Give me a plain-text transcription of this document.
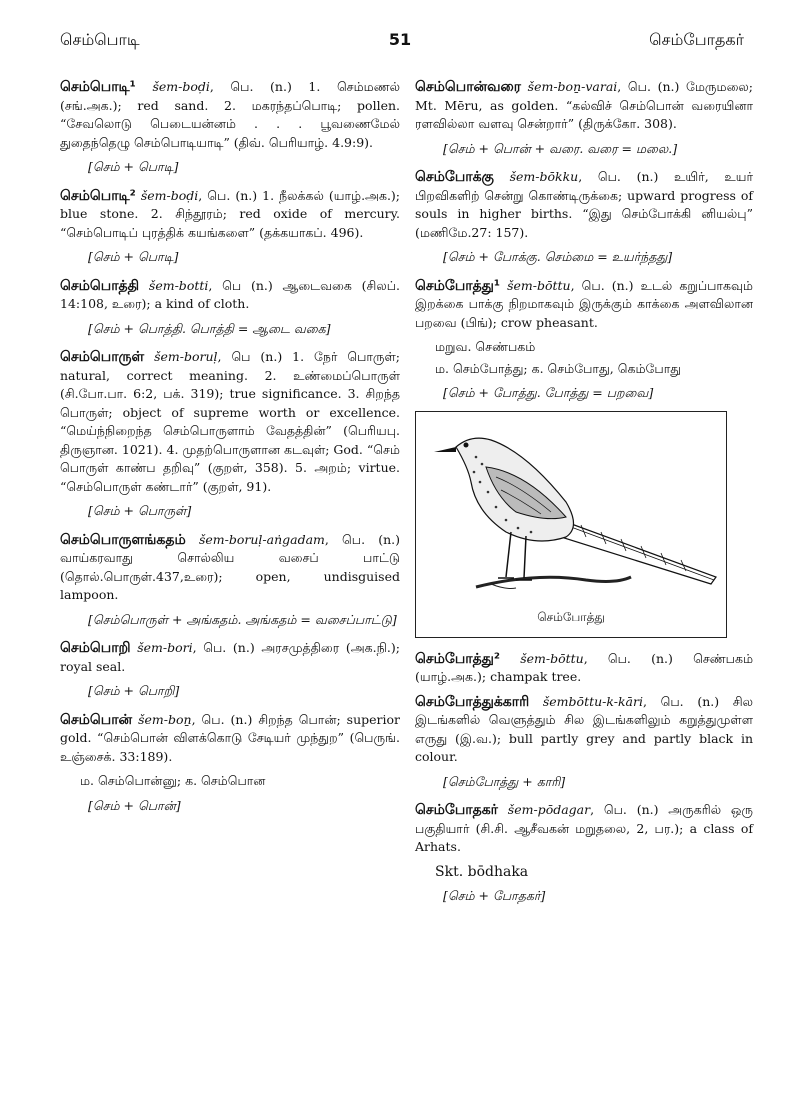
செம்பொடி	51	செம்போதகர்
செம்பொடி¹ šem-boḍi, பெ. (n.) 1. செம்மணல் (சங்.அக.); red sand. 2. மகரந்தப்பொடி; pollen. “சேவலொடு பெடையன்னம் . . . பூவணைமேல் துதைந்தெழு செம்பொடியாடி” (திவ். பெரியாழ். 4.9:9).
[செம் + பொடி]
செம்பொடி² šem-boḍi, பெ. (n.) 1. நீலக்கல் (யாழ்.அக.); blue stone. 2. சிந்தூரம்; red oxide of mercury. “செம்பொடிப் புரத்திக் கயங்களை” (தக்கயாகப். 496).
[செம் + பொடி]
செம்பொத்தி šem-botti, பெ (n.) ஆடைவகை (சிலப். 14:108, உரை); a kind of cloth.
[செம் + பொத்தி. பொத்தி = ஆடை வகை]
செம்பொருள் šem-boruḷ, பெ (n.) 1. நேர் பொருள்; natural, correct meaning. 2. உண்மைப்பொருள் (சி.போ.பா. 6:2, பக். 319); true significance. 3. சிறந்த பொருள்; object of supreme worth or excellence. “மெய்ந்நிறைந்த செம்பொருளாம் வேதத்தின்” (பெரியபு. திருஞான. 1021). 4. முதற்பொருளான கடவுள்; God. “செம் பொருள் காண்ப தறிவு” (குறள், 358). 5. அறம்; virtue. “செம்பொருள் கண்டார்” (குறள், 91).
[செம் + பொருள்]
செம்பொருளங்கதம் šem-boruḷ-aṅgadam, பெ. (n.) வாய்கரவாது சொல்லிய வசைப் பாட்டு (தொல்.பொருள்.437,உரை); open, undisguised lampoon.
[செம்பொருள் + அங்கதம். அங்கதம் = வசைப்பாட்டு]
செம்பொறி šem-bori, பெ. (n.) அரசமுத்திரை (அக.நி.); royal seal.
[செம் + பொறி]
செம்பொன் šem-boṉ, பெ. (n.) சிறந்த பொன்; superior gold. “செம்பொன் விளக்கொடு சேடியர் முந்துற” (பெருங். உஞ்சைக். 33:189).
ம. செம்பொன்னு; க. செம்பொன
[செம் + பொன்]
செம்பொன்வரை šem-boṉ-varai, பெ. (n.) மேருமலை; Mt. Mēru, as golden. “கல்விச் செம்பொன் வரையினா ரளவில்லா வளவு சென்றார்” (திருக்கோ. 308).
[செம் + பொன் + வரை. வரை = மலை.]
செம்போக்கு šem-bōkku, பெ. (n.) உயிர், உயர் பிறவிகளிற் சென்று கொண்டிருக்கை; upward progress of souls in higher births. “இது செம்போக்கி னியல்பு” (மணிமே.27: 157).
[செம் + போக்கு. செம்மை = உயர்ந்தது]
செம்போத்து¹ šem-bōttu, பெ. (n.) உடல் கறுப்பாகவும் இறக்கை பாக்கு நிறமாகவும் இருக்கும் காக்கை அளவிலான பறவை (பிங்); crow pheasant.
மறுவ. செண்பகம்
ம. செம்போத்து; க. செம்போது, கெம்போது
[செம் + போத்து. போத்து = பறவை]
செம்போத்து
செம்போத்து² šem-bōttu, பெ. (n.) செண்பகம் (யாழ்.அக.); champak tree.
செம்போத்துக்காரி šembōttu-k-kāri, பெ. (n.) சில இடங்களில் வெளுத்தும் சில இடங்களிலும் கறுத்துமுள்ள எருது (இ.வ.); bull partly grey and partly black in colour.
[செம்போத்து + காரி]
செம்போதகர் šem-pōdagar, பெ. (n.) அருகரில் ஒரு பகுதியார் (சி.சி. ஆசீவகன் மறுதலை, 2, பர.); a class of Arhats.
Skt. bōdhaka
[செம் + போதகர்]
